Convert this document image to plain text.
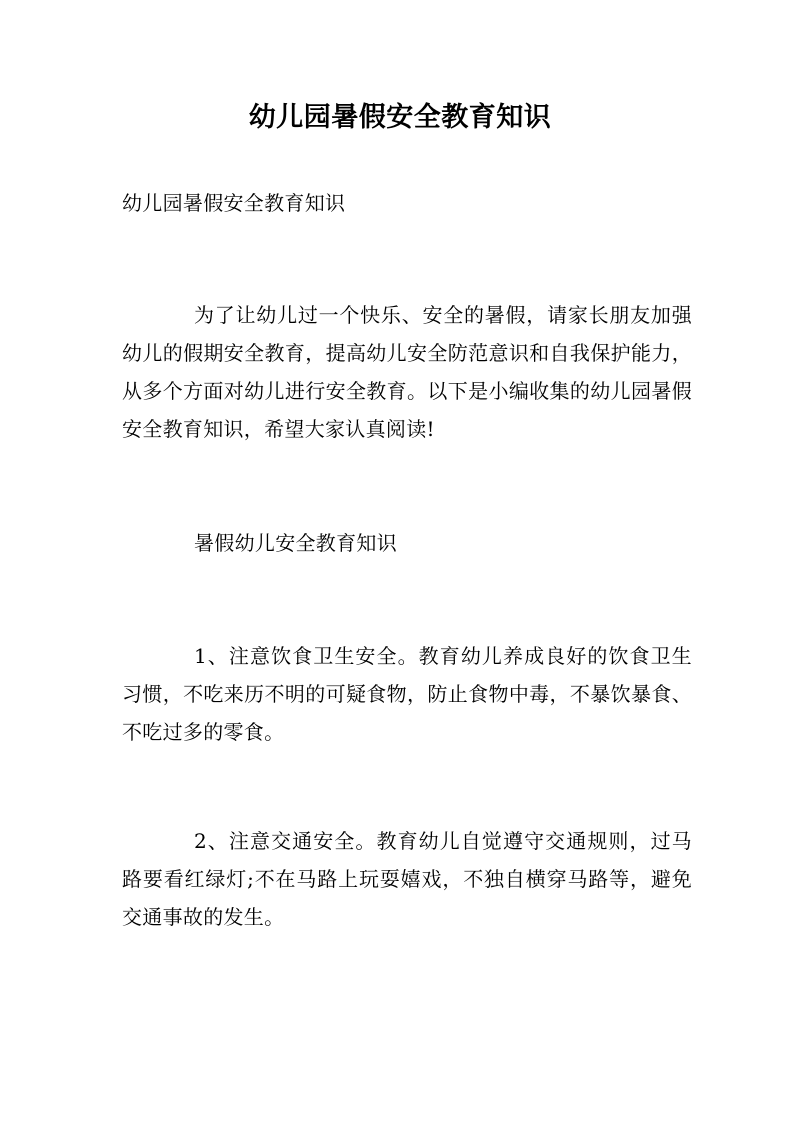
幼儿园暑假安全教育知识
幼儿园暑假安全教育知识
为了让幼儿过一个快乐、安全的暑假，请家长朋友加强幼儿的假期安全教育，提高幼儿安全防范意识和自我保护能力，从多个方面对幼儿进行安全教育。以下是小编收集的幼儿园暑假安全教育知识，希望大家认真阅读!
暑假幼儿安全教育知识
1、注意饮食卫生安全。教育幼儿养成良好的饮食卫生习惯，不吃来历不明的可疑食物，防止食物中毒，不暴饮暴食、不吃过多的零食。
2、注意交通安全。教育幼儿自觉遵守交通规则，过马路要看红绿灯;不在马路上玩耍嬉戏，不独自横穿马路等，避免交通事故的发生。
